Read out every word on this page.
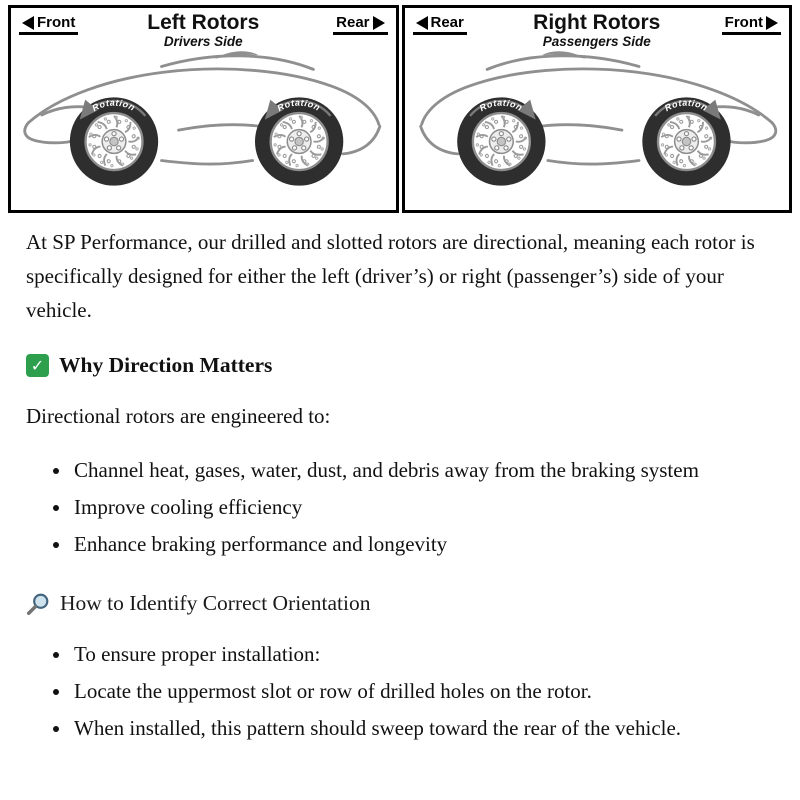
Left Rotors
Drivers Side
Front	Rear
Rotation	Rotation
Right Rotors
Passengers Side
Rear	Front
Rotation	Rotation

At SP Performance, our drilled and slotted rotors are directional, meaning each rotor is specifically designed for either the left (driver’s) or right (passenger’s) side of your vehicle.

✓ Why Direction Matters

Directional rotors are engineered to:

• Channel heat, gases, water, dust, and debris away from the braking system
• Improve cooling efficiency
• Enhance braking performance and longevity
How to Identify Correct Orientation
• To ensure proper installation:
• Locate the uppermost slot or row of drilled holes on the rotor.
• When installed, this pattern should sweep toward the rear of the vehicle.
